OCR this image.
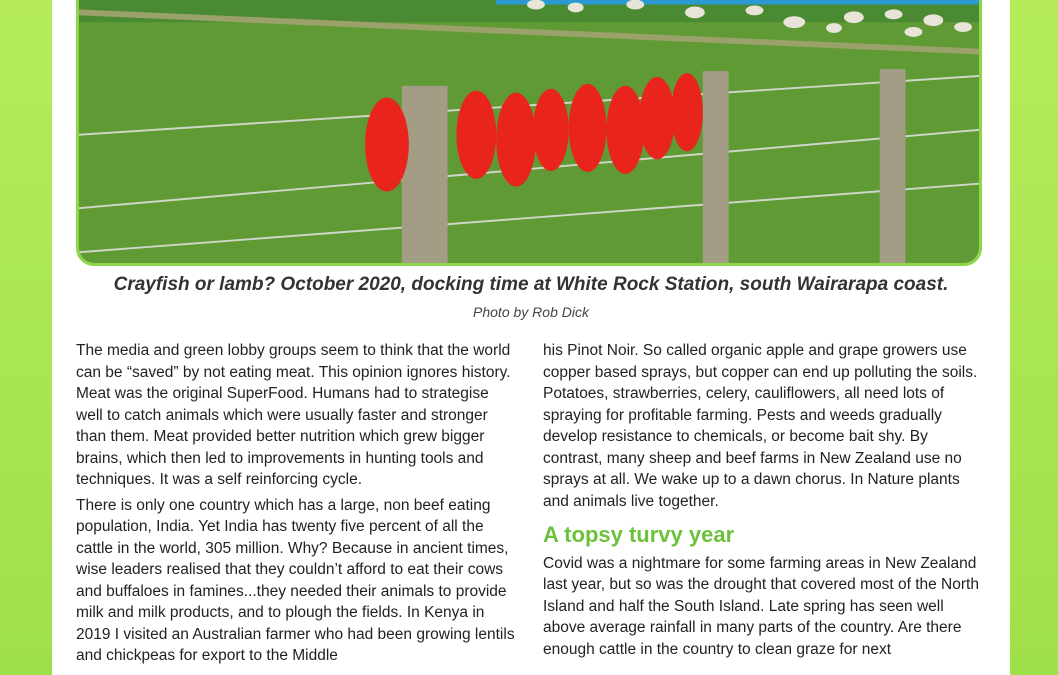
Crayfish or lamb? October 2020, docking time at White Rock Station, south Wairarapa coast.
Photo by Rob Dick

The media and green lobby groups seem to think that the world can be “saved” by not eating meat. This opinion ignores history. Meat was the original SuperFood. Humans had to strategise well to catch animals which were usually faster and stronger than them. Meat provided better nutrition which grew bigger brains, which then led to improvements in hunting tools and techniques. It was a self reinforcing cycle.

There is only one country which has a large, non beef eating population, India. Yet India has twenty five percent of all the cattle in the world, 305 million. Why? Because in ancient times, wise leaders realised that they couldn’t afford to eat their cows and buffaloes in famines...they needed their animals to provide milk and milk products, and to plough the fields. In Kenya in 2019 I visited an Australian farmer who had been growing lentils and chickpeas for export to the Middle

his Pinot Noir. So called organic apple and grape growers use copper based sprays, but copper can end up polluting the soils. Potatoes, strawberries, celery, cauliflowers, all need lots of spraying for profitable farming. Pests and weeds gradually develop resistance to chemicals, or become bait shy. By contrast, many sheep and beef farms in New Zealand use no sprays at all. We wake up to a dawn chorus. In Nature plants and animals live together.

A topsy turvy year

Covid was a nightmare for some farming areas in New Zealand last year, but so was the drought that covered most of the North Island and half the South Island. Late spring has seen well above average rainfall in many parts of the country. Are there enough cattle in the country to clean graze for next
